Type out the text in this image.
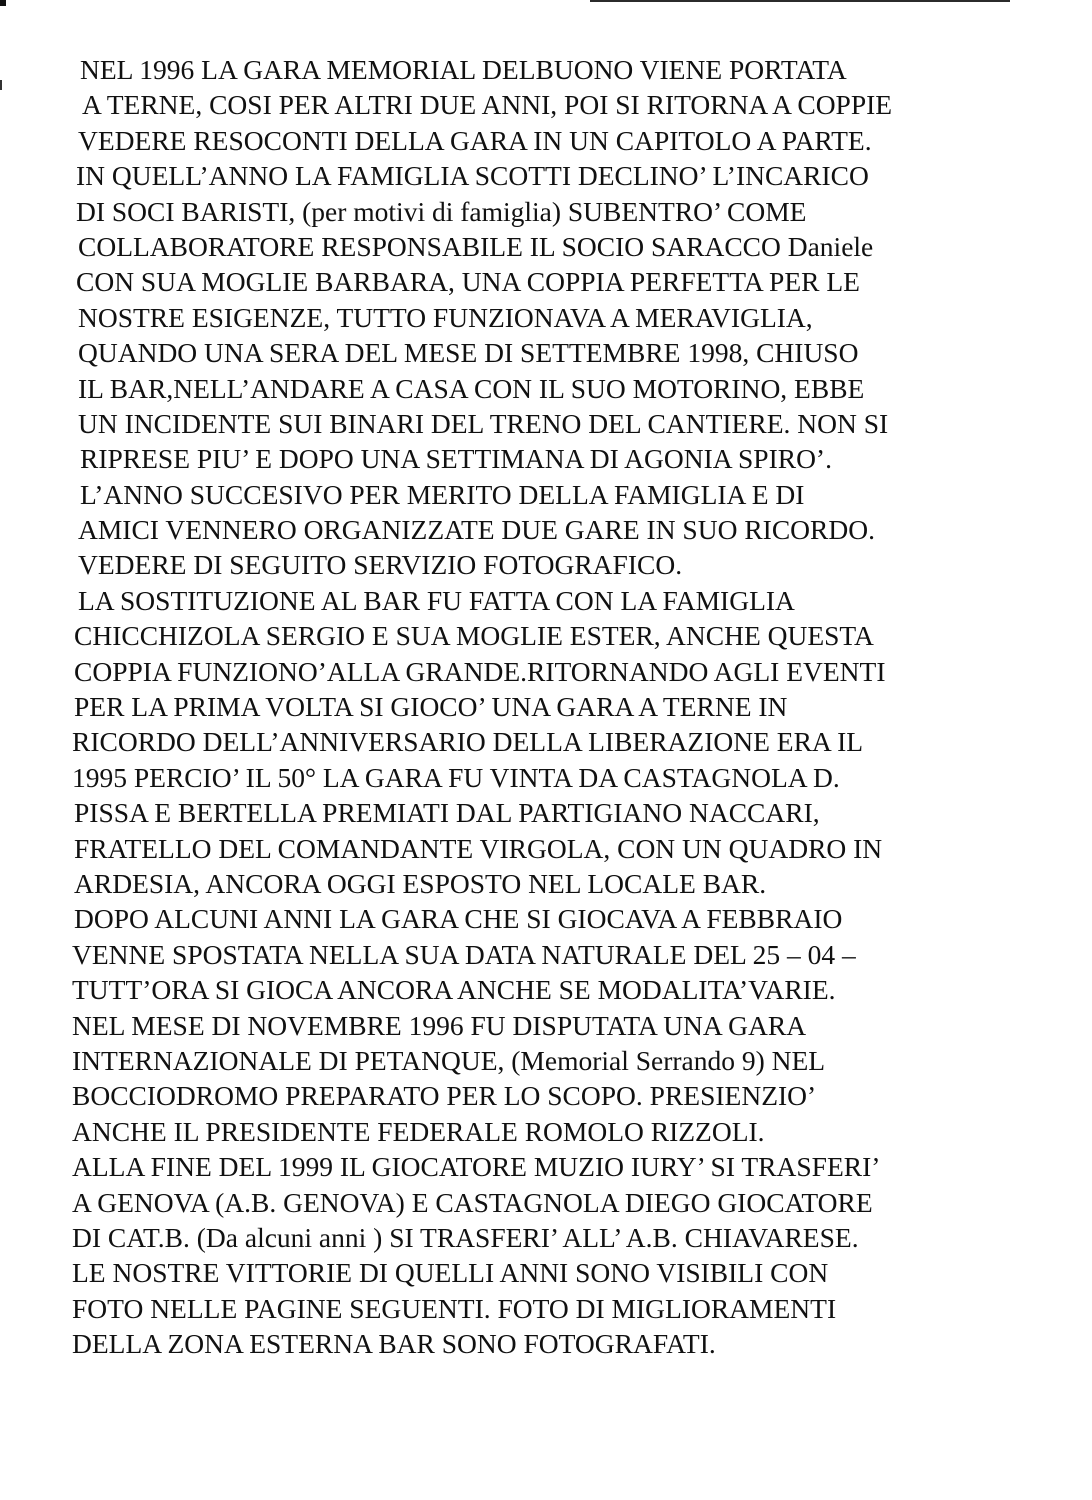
NEL 1996 LA GARA MEMORIAL DELBUONO VIENE PORTATA
A TERNE, COSI PER ALTRI DUE ANNI, POI SI RITORNA A COPPIE
VEDERE RESOCONTI DELLA GARA IN UN CAPITOLO A PARTE.
IN QUELL’ANNO LA FAMIGLIA SCOTTI DECLINO’ L’INCARICO
DI SOCI BARISTI, (per motivi di famiglia) SUBENTRO’ COME
COLLABORATORE RESPONSABILE IL SOCIO SARACCO Daniele
CON SUA MOGLIE BARBARA, UNA COPPIA PERFETTA PER LE
NOSTRE ESIGENZE, TUTTO FUNZIONAVA A MERAVIGLIA,
QUANDO UNA SERA DEL MESE DI SETTEMBRE 1998, CHIUSO
IL BAR,NELL’ANDARE A CASA CON IL SUO MOTORINO, EBBE
UN INCIDENTE SUI BINARI DEL TRENO DEL CANTIERE. NON SI
RIPRESE PIU’ E DOPO UNA SETTIMANA DI AGONIA SPIRO’.
L’ANNO SUCCESIVO PER MERITO DELLA FAMIGLIA E DI
AMICI VENNERO ORGANIZZATE DUE GARE IN SUO RICORDO.
VEDERE DI SEGUITO SERVIZIO FOTOGRAFICO.
LA SOSTITUZIONE AL BAR FU FATTA CON LA FAMIGLIA
CHICCHIZOLA SERGIO E SUA MOGLIE ESTER, ANCHE QUESTA
COPPIA FUNZIONO’ALLA GRANDE.RITORNANDO AGLI EVENTI
PER LA PRIMA VOLTA SI GIOCO’ UNA GARA A TERNE IN
RICORDO DELL’ANNIVERSARIO DELLA LIBERAZIONE ERA IL
1995 PERCIO’ IL 50° LA GARA FU VINTA DA CASTAGNOLA D.
PISSA E BERTELLA PREMIATI DAL PARTIGIANO NACCARI,
FRATELLO DEL COMANDANTE VIRGOLA, CON UN QUADRO IN
ARDESIA, ANCORA OGGI ESPOSTO NEL LOCALE BAR.
DOPO ALCUNI ANNI LA GARA CHE SI GIOCAVA A FEBBRAIO
VENNE SPOSTATA NELLA SUA DATA NATURALE DEL 25 – 04 –
TUTT’ORA SI GIOCA ANCORA ANCHE SE MODALITA’VARIE.
NEL MESE DI NOVEMBRE 1996 FU DISPUTATA UNA GARA
INTERNAZIONALE DI PETANQUE, (Memorial Serrando 9) NEL
BOCCIODROMO PREPARATO PER LO SCOPO. PRESIENZIO’
ANCHE IL PRESIDENTE FEDERALE ROMOLO RIZZOLI.
ALLA FINE DEL 1999 IL GIOCATORE MUZIO IURY’ SI TRASFERI’
A GENOVA (A.B. GENOVA) E CASTAGNOLA DIEGO GIOCATORE
DI CAT.B. (Da alcuni anni ) SI TRASFERI’ ALL’ A.B. CHIAVARESE.
LE NOSTRE VITTORIE DI QUELLI ANNI SONO VISIBILI CON
FOTO NELLE PAGINE SEGUENTI. FOTO DI MIGLIORAMENTI
DELLA ZONA ESTERNA BAR SONO FOTOGRAFATI.
